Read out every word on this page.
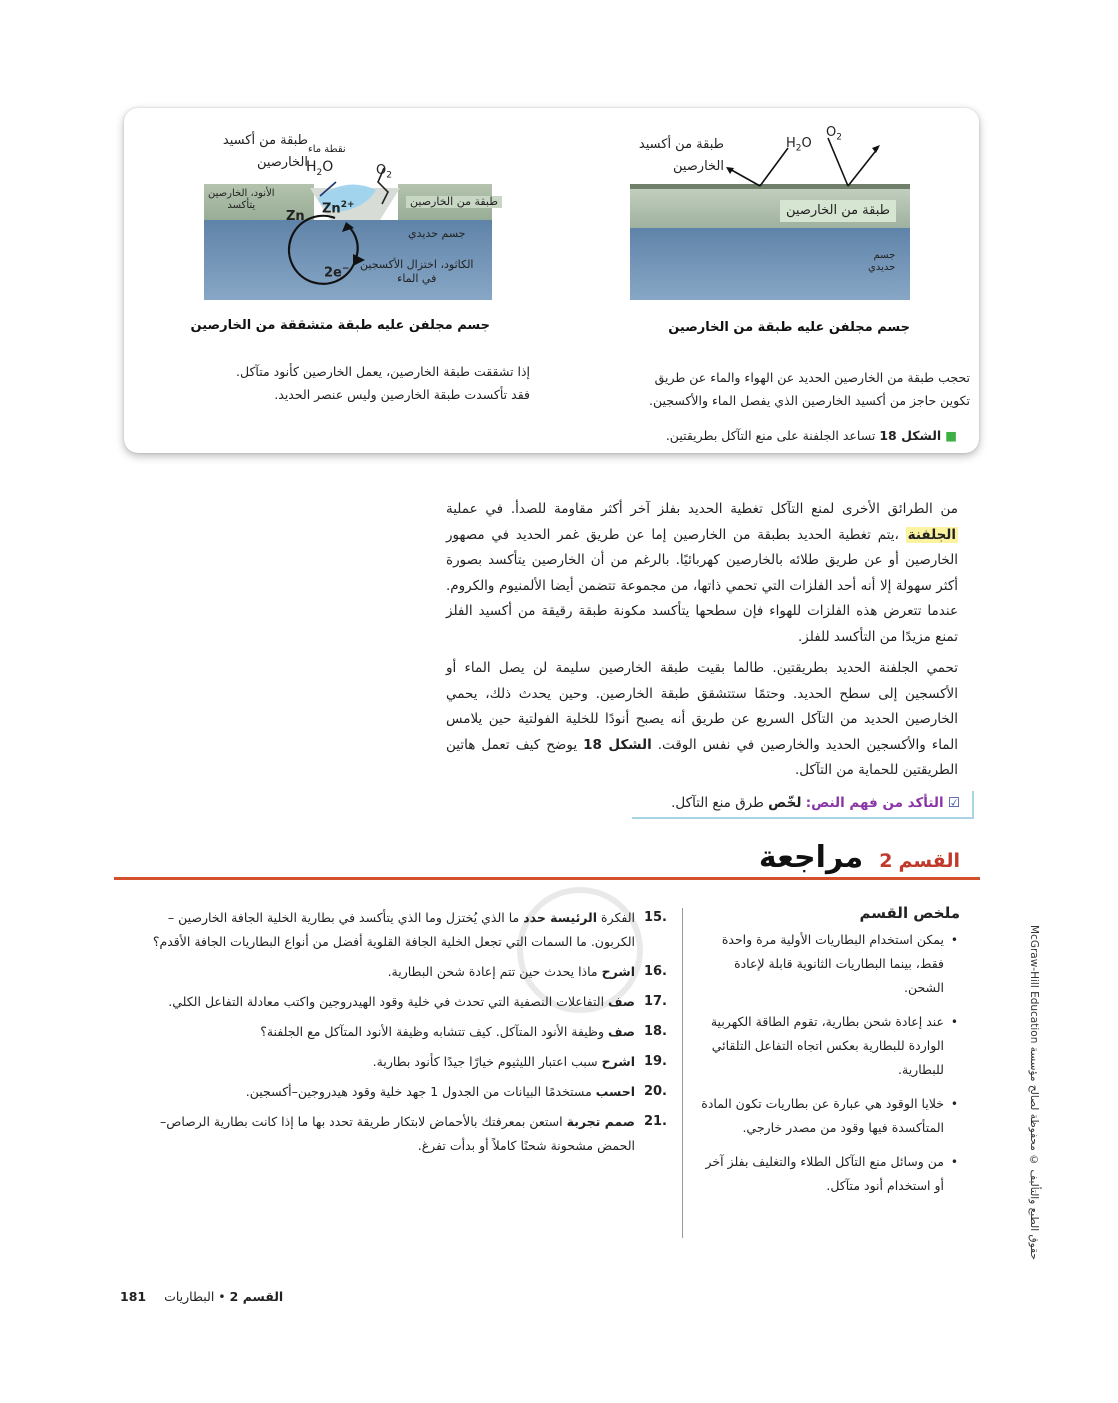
طبقة من أكسيد
الخارصين
$H_2O$
$O_2$
طبقة من الخارصين
جسم
حديدي
جسم مجلفن عليه طبقة من الخارصين
تحجب طبقة من الخارصين الحديد عن الهواء والماء عن طريق
تكوين حاجز من أكسيد الخارصين الذي يفصل الماء والأكسجين.
طبقة من أكسيد
الخارصين
نقطة ماء
$H_2O$	$O_2$
الأنود، الخارصين
يتأكسد	$Zn^{2+}$
Zn
طبقة من الخارصين
جسم حديدي
2e− الكاثود، اختزال الأكسجين
في الماء
جسم مجلفن عليه طبقة متشققة من الخارصين
إذا تشققت طبقة الخارصين، يعمل الخارصين كأنود متآكل.
فقد تأكسدت طبقة الخارصين وليس عنصر الحديد.
■ الشكل 18 تساعد الجلفنة على منع التآكل بطريقتين.

من الطرائق الأخرى لمنع التآكل تغطية الحديد بفلز آخر أكثر مقاومة للصدأ. في عملية الجلفنة ،يتم تغطية الحديد بطبقة من الخارصين إما عن طريق غمر الحديد في مصهور الخارصين أو عن طريق طلائه بالخارصين كهربائيًا. بالرغم من أن الخارصين يتأكسد بصورة أكثر سهولة إلا أنه أحد الفلزات التي تحمي ذاتها، من مجموعة تتضمن أيضا الألمنيوم والكروم. عندما تتعرض هذه الفلزات للهواء فإن سطحها يتأكسد مكونة طبقة رقيقة من أكسيد الفلز تمنع مزيدًا من التأكسد للفلز.

تحمي الجلفنة الحديد بطريقتين. طالما بقيت طبقة الخارصين سليمة لن يصل الماء أو الأكسجين إلى سطح الحديد. وحتمًا ستتشقق طبقة الخارصين. وحين يحدث ذلك، يحمي الخارصين الحديد من التآكل السريع عن طريق أنه يصبح أنودًا للخلية الفولتية حين يلامس الماء والأكسجين الحديد والخارصين في نفس الوقت. الشكل 18 يوضح كيف تعمل هاتين الطريقتين للحماية من التآكل.

☑ التأكد من فهم النص: لخّص طرق منع التآكل.
القسم2مراجعة
ملخص القسم
• يمكن استخدام البطاريات الأولية مرة واحدة فقط، بينما البطاريات الثانوية قابلة لإعادة الشحن.
• عند إعادة شحن بطارية، تقوم الطاقة الكهربية الواردة للبطارية بعكس اتجاه التفاعل التلقائي للبطارية.
• خلايا الوقود هي عبارة عن بطاريات تكون المادة المتأكسدة فيها وقود من مصدر خارجي.
• من وسائل منع التآكل الطلاء والتغليف بفلز آخر أو استخدام أنود متآكل.
15.
الفكرة الرئيسة حدد ما الذي يُختزل وما الذي يتأكسد في بطارية الخلية الجافة الخارصين – الكربون. ما السمات التي تجعل الخلية الجافة القلوية أفضل من أنواع البطاريات الجافة الأقدم؟
16.
اشرح ماذا يحدث حين تتم إعادة شحن البطارية.
17.
صف التفاعلات النصفية التي تحدث في خلية وقود الهيدروجين واكتب معادلة التفاعل الكلي.
18.
صف وظيفة الأنود المتآكل. كيف تتشابه وظيفة الأنود المتآكل مع الجلفنة؟
19.
اشرح سبب اعتبار الليثيوم خيارًا جيدًا كأنود بطارية.
20.
احسب مستخدمًا البيانات من الجدول 1 جهد خلية وقود هيدروجين–أكسجين.
21.
صمم تجربة استعن بمعرفتك بالأحماض لابتكار طريقة تحدد بها ما إذا كانت بطارية الرصاص–الحمض مشحونة شحنًا كاملاً أو بدأت تفرغ.
حقوق الطبع والتأليف © محفوظة لصالح مؤسسة McGraw-Hill Education
القسم 2 • البطاريات 181
